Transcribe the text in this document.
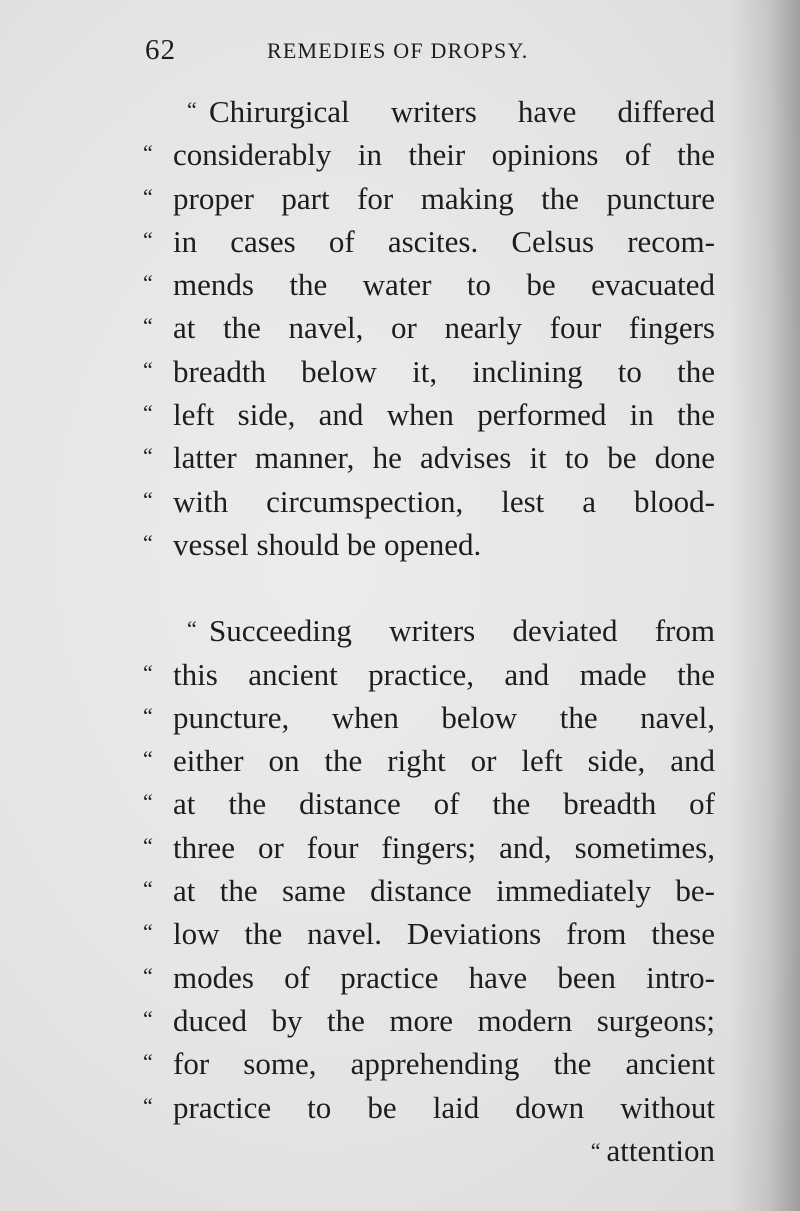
62	REMEDIES OF DROPSY.
“ Chirurgical writers have differed
“ considerably in their opinions of the
“ proper part for making the puncture
“ in cases of ascites. Celsus recom-
“ mends the water to be evacuated
“ at the navel, or nearly four fingers
“ breadth below it, inclining to the
“ left side, and when performed in the
“ latter manner, he advises it to be done
“ with circumspection, lest a blood-
“ vessel should be opened.
“ Succeeding writers deviated from
“ this ancient practice, and made the
“ puncture, when below the navel,
“ either on the right or left side, and
“ at the distance of the breadth of
“ three or four fingers; and, sometimes,
“ at the same distance immediately be-
“ low the navel. Deviations from these
“ modes of practice have been intro-
“ duced by the more modern surgeons;
“ for some, apprehending the ancient
“ practice to be laid down without
“ attention
